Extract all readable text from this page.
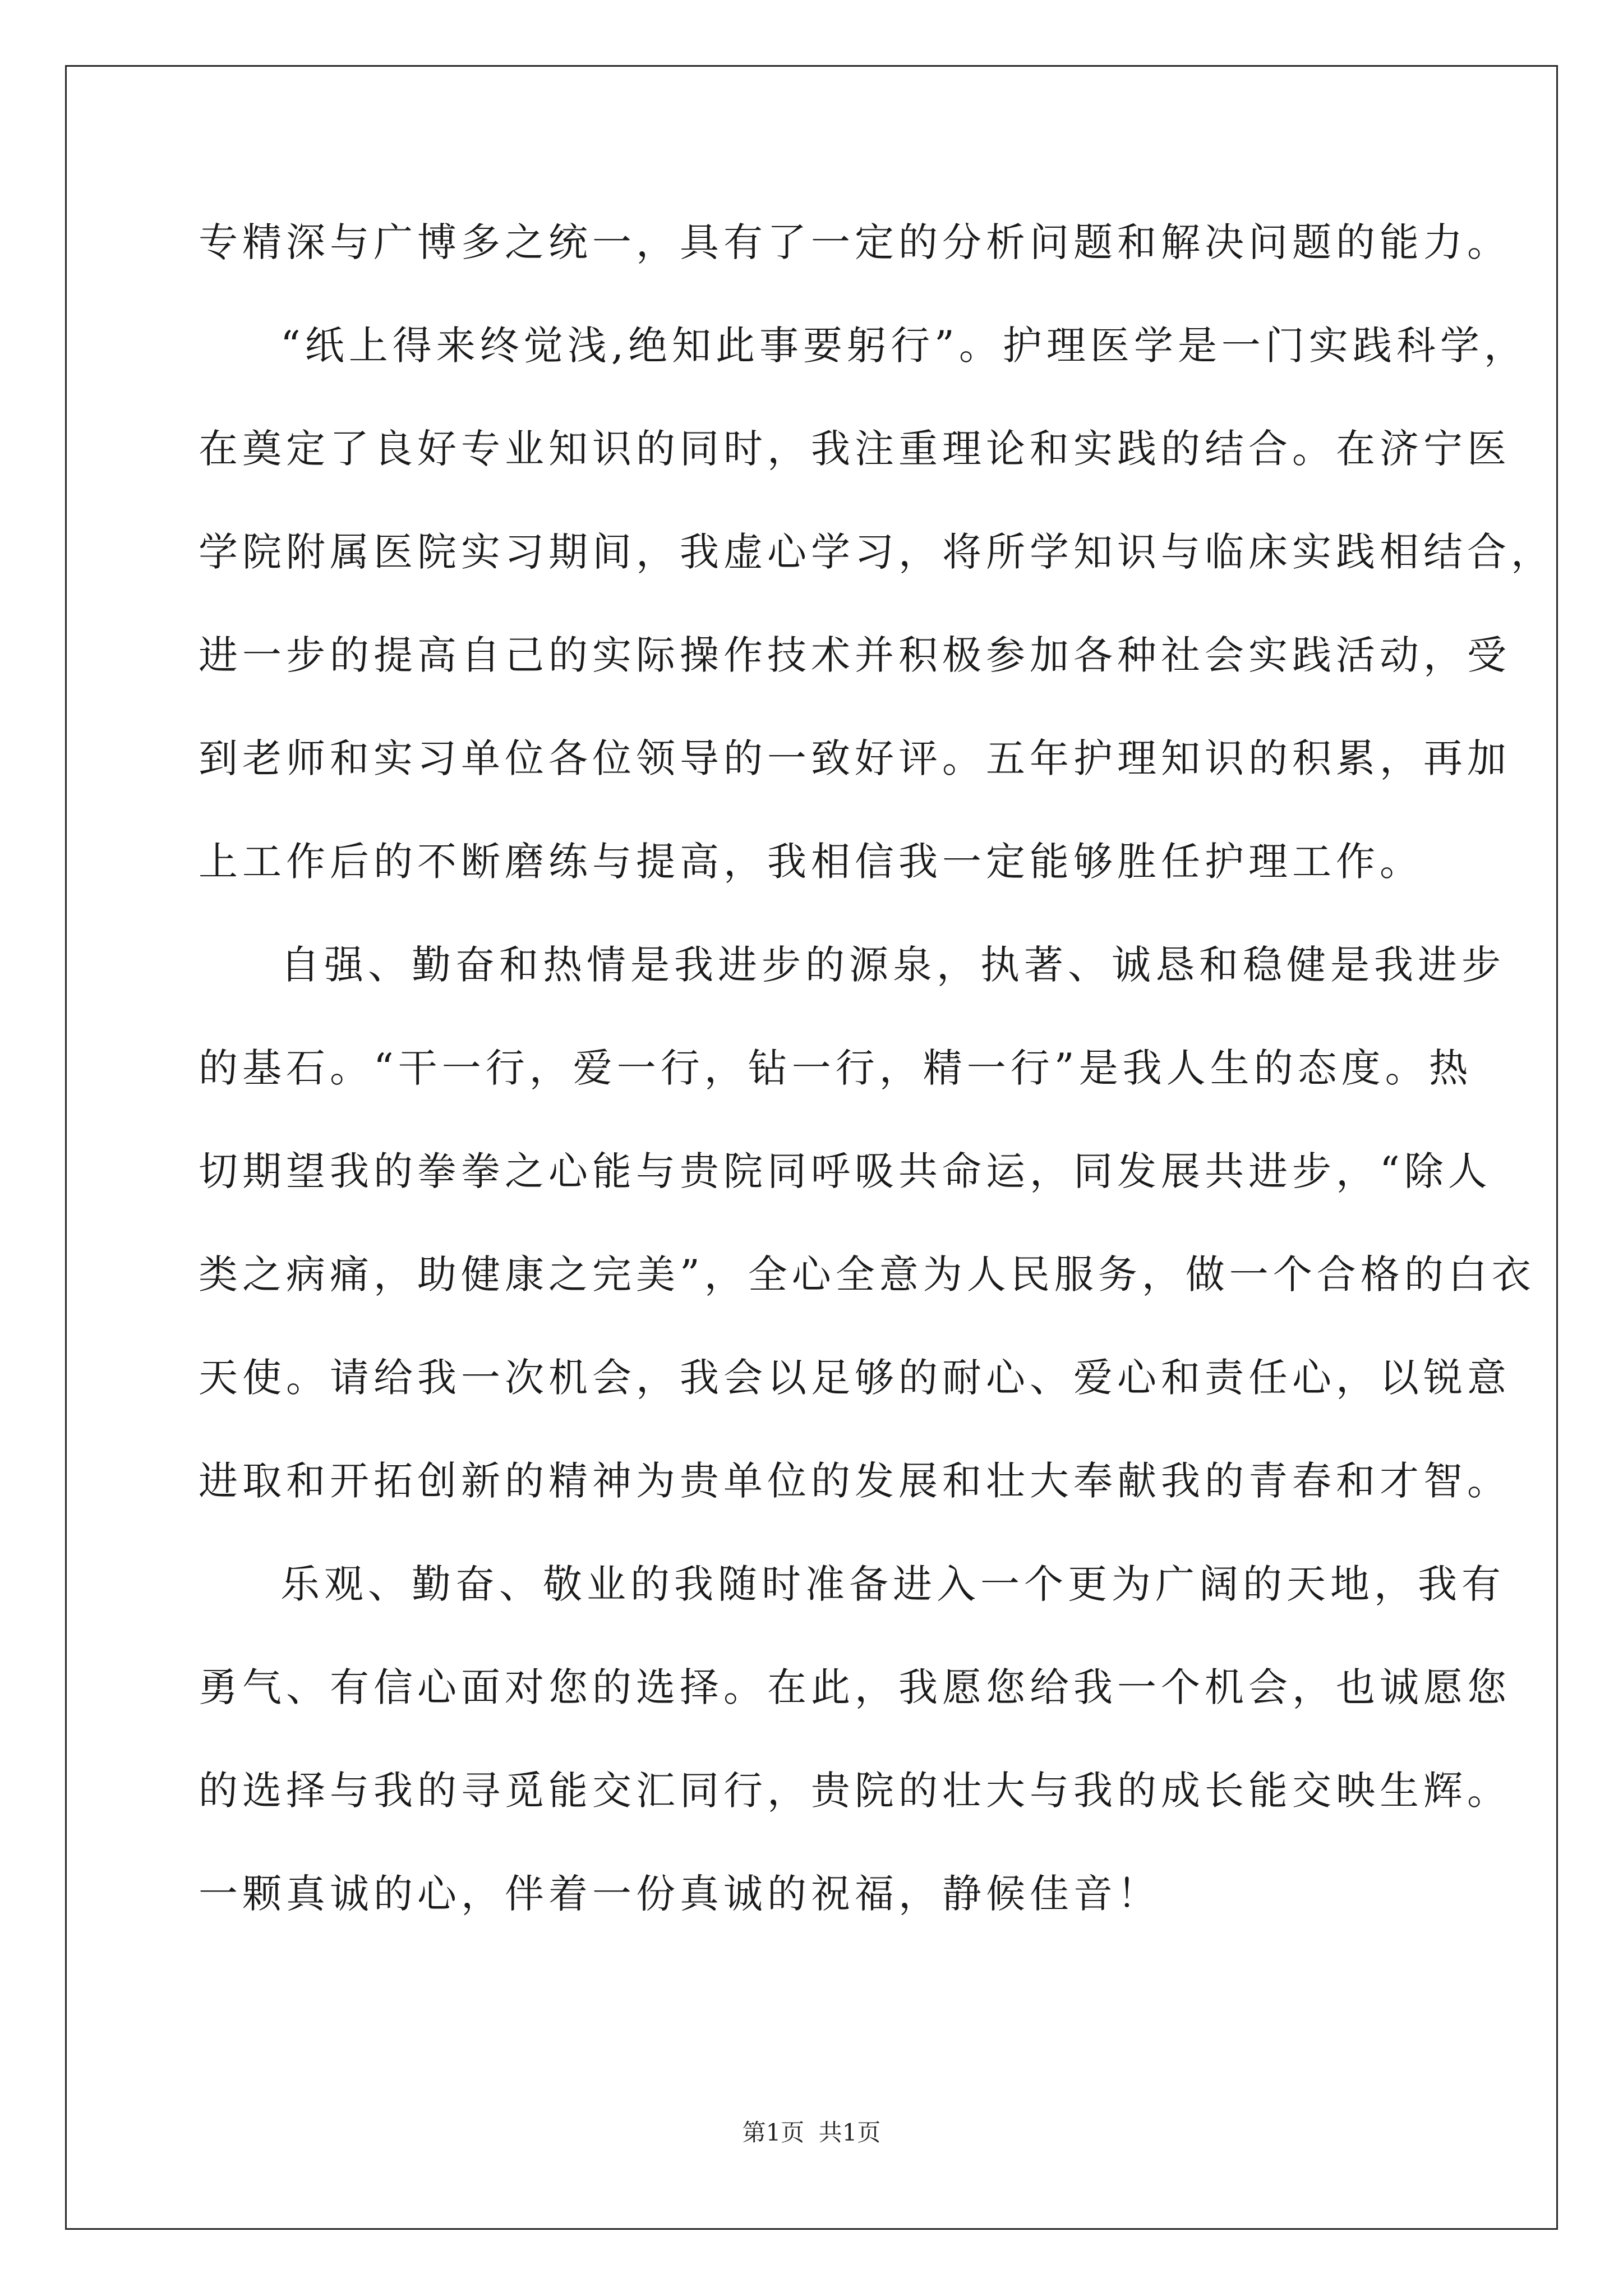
专精深与广博多之统一，具有了一定的分析问题和解决问题的能力。
“纸上得来终觉浅,绝知此事要躬行”。护理医学是一门实践科学，
在奠定了良好专业知识的同时，我注重理论和实践的结合。在济宁医
学院附属医院实习期间，我虚心学习，将所学知识与临床实践相结合，
进一步的提高自己的实际操作技术并积极参加各种社会实践活动，受
到老师和实习单位各位领导的一致好评。五年护理知识的积累，再加
上工作后的不断磨练与提高，我相信我一定能够胜任护理工作。
自强、勤奋和热情是我进步的源泉，执著、诚恳和稳健是我进步
的基石。“干一行，爱一行，钻一行，精一行”是我人生的态度。热
切期望我的拳拳之心能与贵院同呼吸共命运，同发展共进步，“除人
类之病痛，助健康之完美”，全心全意为人民服务，做一个合格的白衣
天使。请给我一次机会，我会以足够的耐心、爱心和责任心，以锐意
进取和开拓创新的精神为贵单位的发展和壮大奉献我的青春和才智。
乐观、勤奋、敬业的我随时准备进入一个更为广阔的天地，我有
勇气、有信心面对您的选择。在此，我愿您给我一个机会，也诚愿您
的选择与我的寻觅能交汇同行，贵院的壮大与我的成长能交映生辉。
一颗真诚的心，伴着一份真诚的祝福，静候佳音！
第1页 共1页
